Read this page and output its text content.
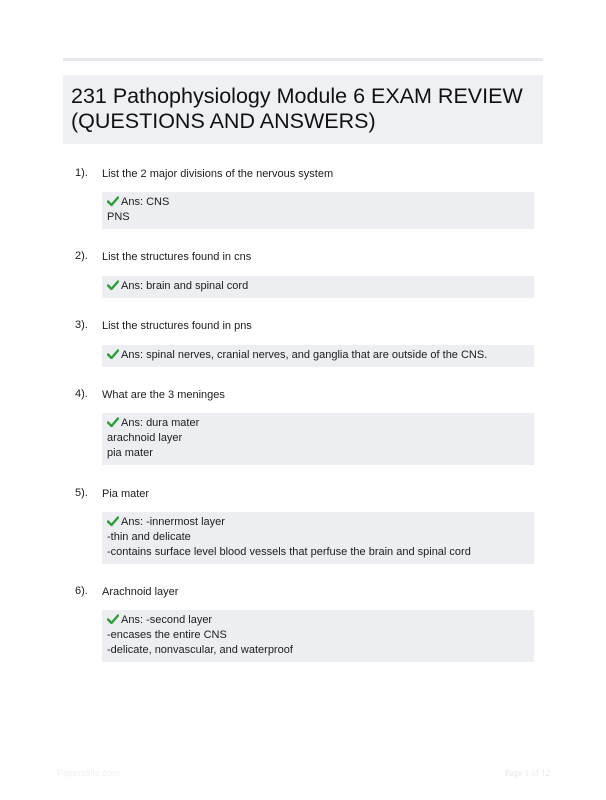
231 Pathophysiology Module 6 EXAM REVIEW
(QUESTIONS AND ANSWERS)
1). List the 2 major divisions of the nervous system
Ans: CNS
PNS
2). List the structures found in cns
Ans: brain and spinal cord
3). List the structures found in pns
Ans: spinal nerves, cranial nerves, and ganglia that are outside of the CNS.
4). What are the 3 meninges
Ans: dura mater
arachnoid layer
pia mater
5). Pia mater
Ans: -innermost layer
-thin and delicate
-contains surface level blood vessels that perfuse the brain and spinal cord
6). Arachnoid layer
Ans: -second layer
-encases the entire CNS
-delicate, nonvascular, and waterproof
Papers8ite.com	Page 1 of 12
